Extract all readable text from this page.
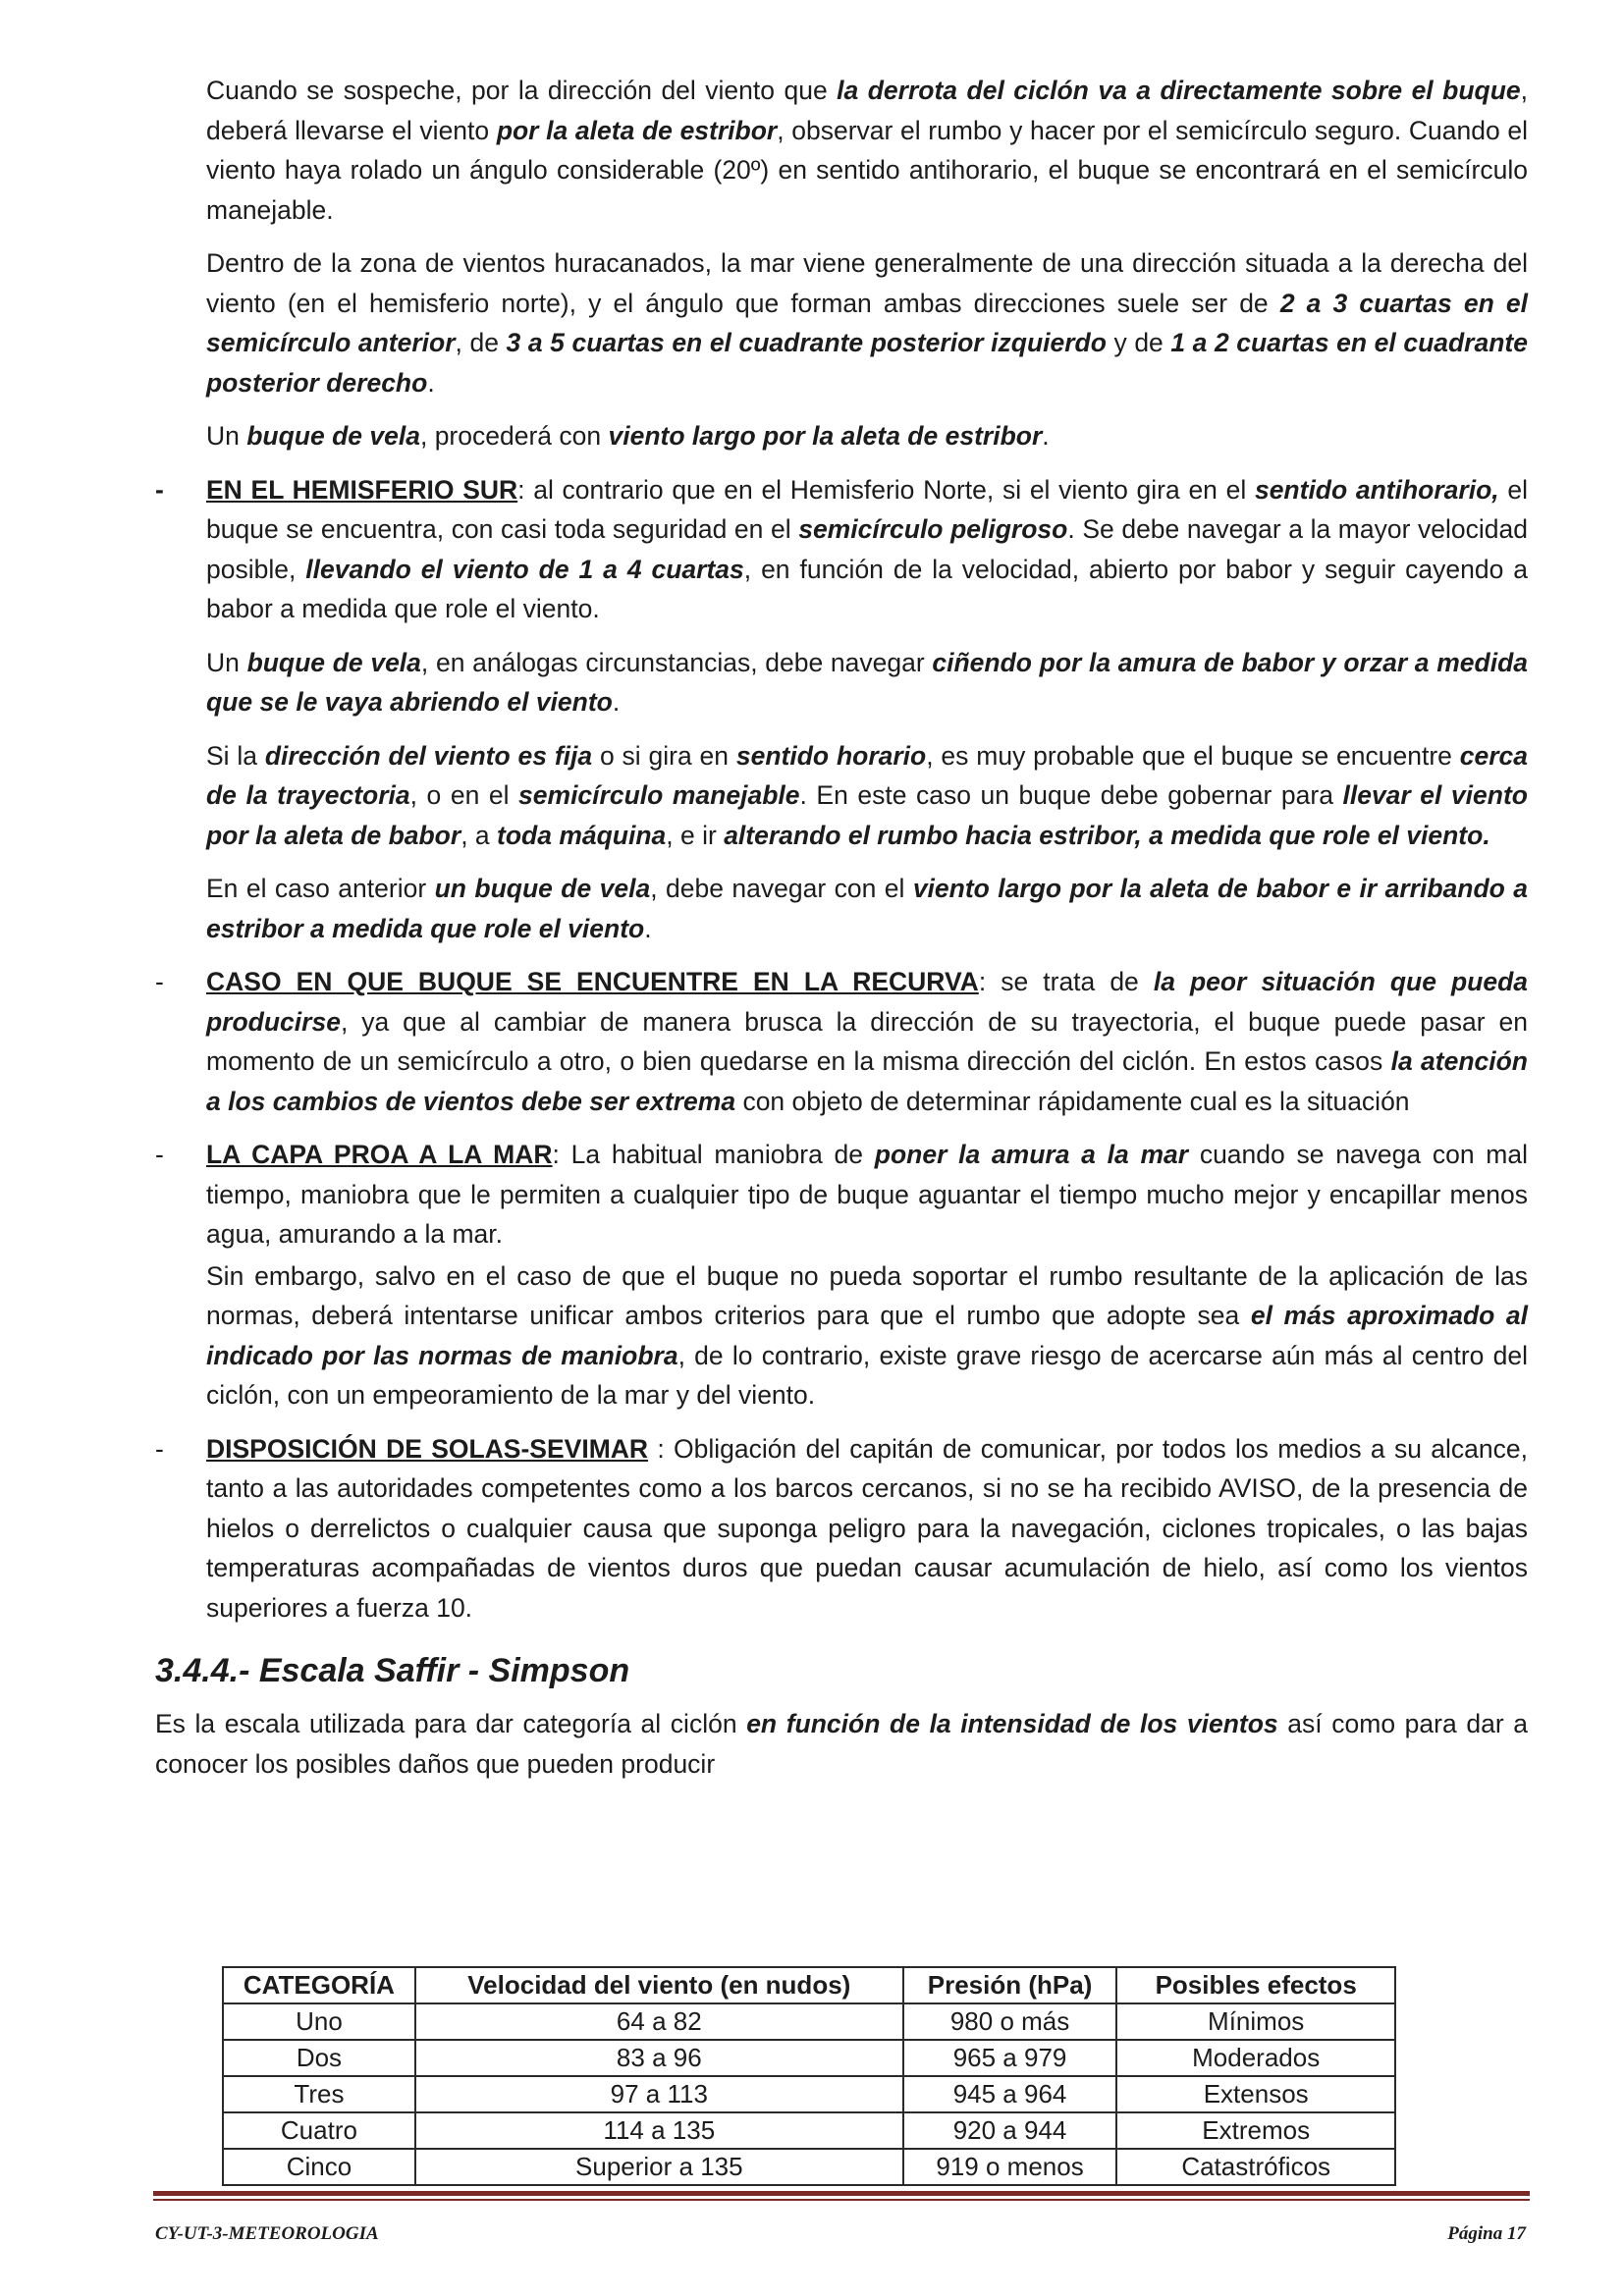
Cuando se sospeche, por la dirección del viento que la derrota del ciclón va a directamente sobre el buque, deberá llevarse el viento por la aleta de estribor, observar el rumbo y hacer por el semicírculo seguro. Cuando el viento haya rolado un ángulo considerable (20º) en sentido antihorario, el buque se encontrará en el semicírculo manejable.

Dentro de la zona de vientos huracanados, la mar viene generalmente de una dirección situada a la derecha del viento (en el hemisferio norte), y el ángulo que forman ambas direcciones suele ser de 2 a 3 cuartas en el semicírculo anterior, de 3 a 5 cuartas en el cuadrante posterior izquierdo y de 1 a 2 cuartas en el cuadrante posterior derecho.

Un buque de vela, procederá con viento largo por la aleta de estribor.

- EN EL HEMISFERIO SUR: al contrario que en el Hemisferio Norte, si el viento gira en el sentido antihorario, el buque se encuentra, con casi toda seguridad en el semicírculo peligroso. Se debe navegar a la mayor velocidad posible, llevando el viento de 1 a 4 cuartas, en función de la velocidad, abierto por babor y seguir cayendo a babor a medida que role el viento.

Un buque de vela, en análogas circunstancias, debe navegar ciñendo por la amura de babor y orzar a medida que se le vaya abriendo el viento.

Si la dirección del viento es fija o si gira en sentido horario, es muy probable que el buque se encuentre cerca de la trayectoria, o en el semicírculo manejable. En este caso un buque debe gobernar para llevar el viento por la aleta de babor, a toda máquina, e ir alterando el rumbo hacia estribor, a medida que role el viento.

En el caso anterior un buque de vela, debe navegar con el viento largo por la aleta de babor e ir arribando a estribor a medida que role el viento.

- CASO EN QUE BUQUE SE ENCUENTRE EN LA RECURVA: se trata de la peor situación que pueda producirse, ya que al cambiar de manera brusca la dirección de su trayectoria, el buque puede pasar en momento de un semicírculo a otro, o bien quedarse en la misma dirección del ciclón. En estos casos la atención a los cambios de vientos debe ser extrema con objeto de determinar rápidamente cual es la situación

- LA CAPA PROA A LA MAR: La habitual maniobra de poner la amura a la mar cuando se navega con mal tiempo, maniobra que le permiten a cualquier tipo de buque aguantar el tiempo mucho mejor y encapillar menos agua, amurando a la mar.

Sin embargo, salvo en el caso de que el buque no pueda soportar el rumbo resultante de la aplicación de las normas, deberá intentarse unificar ambos criterios para que el rumbo que adopte sea el más aproximado al indicado por las normas de maniobra, de lo contrario, existe grave riesgo de acercarse aún más al centro del ciclón, con un empeoramiento de la mar y del viento.

- DISPOSICIÓN DE SOLAS-SEVIMAR : Obligación del capitán de comunicar, por todos los medios a su alcance, tanto a las autoridades competentes como a los barcos cercanos, si no se ha recibido AVISO, de la presencia de hielos o derrelictos o cualquier causa que suponga peligro para la navegación, ciclones tropicales, o las bajas temperaturas acompañadas de vientos duros que puedan causar acumulación de hielo, así como los vientos superiores a fuerza 10.

3.4.4.- Escala Saffir - Simpson

Es la escala utilizada para dar categoría al ciclón en función de la intensidad de los vientos así como para dar a conocer los posibles daños que pueden producir

CATEGORÍA	Velocidad del viento (en nudos)	Presión (hPa)	Posibles efectos
Uno	64 a 82	980 o más	Mínimos
Dos	83 a 96	965 a 979	Moderados
Tres	97 a 113	945 a 964	Extensos
Cuatro	114 a 135	920 a 944	Extremos
Cinco	Superior a 135	919 o menos	Catastróficos
CY-UT-3-METEOROLOGIA	Página 17
